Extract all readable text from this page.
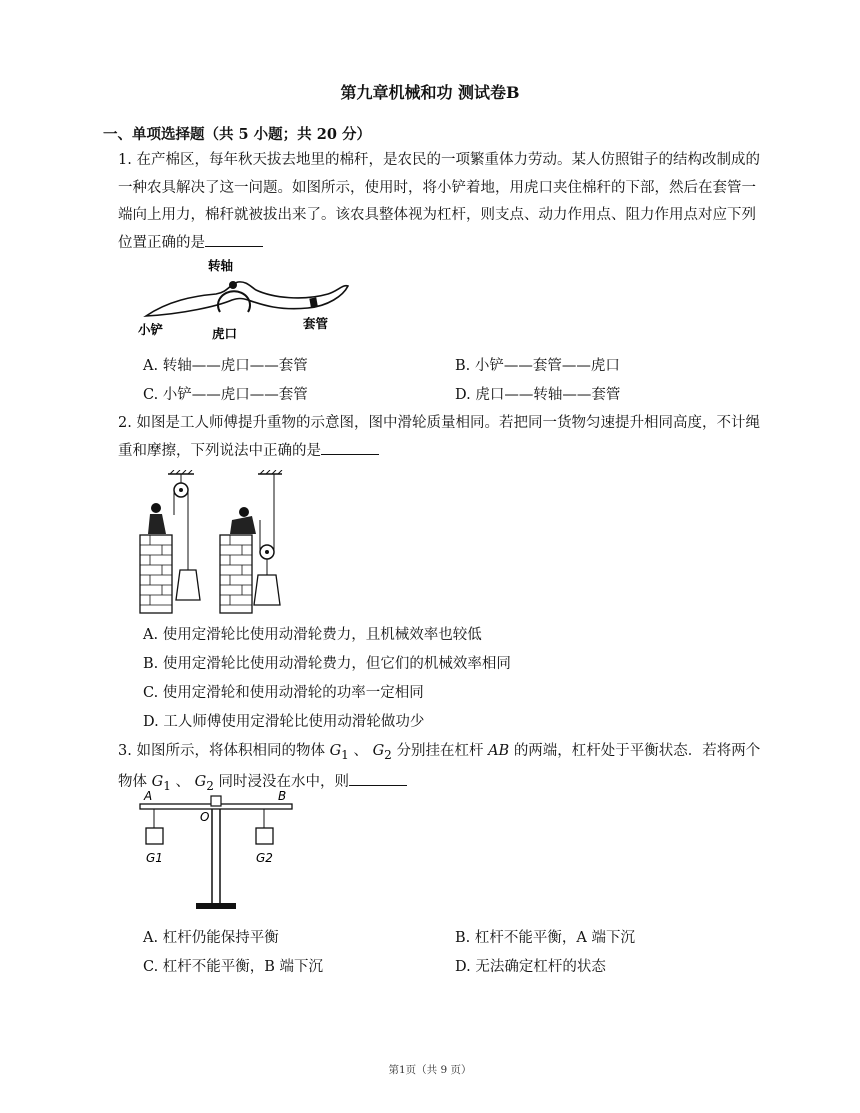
第九章机械和功 测试卷B
一、单项选择题（共 5 小题；共 20 分）
1. 在产棉区，每年秋天拔去地里的棉秆，是农民的一项繁重体力劳动。某人仿照钳子的结构改制成的一种农具解决了这一问题。如图所示，使用时，将小铲着地，用虎口夹住棉秆的下部，然后在套管一端向上用力，棉秆就被拔出来了。该农具整体视为杠杆，则支点、动力作用点、阻力作用点对应下列位置正确的是
转轴
小铲	虎口
套管
A. 转轴——虎口——套管	B. 小铲——套管——虎口
C. 小铲——虎口——套管	D. 虎口——转轴——套管
2. 如图是工人师傅提升重物的示意图，图中滑轮质量相同。若把同一货物匀速提升相同高度，不计绳重和摩擦，下列说法中正确的是
A. 使用定滑轮比使用动滑轮费力，且机械效率也较低
B. 使用定滑轮比使用动滑轮费力，但它们的机械效率相同
C. 使用定滑轮和使用动滑轮的功率一定相同
D. 工人师傅使用定滑轮比使用动滑轮做功少
3. 如图所示，将体积相同的物体 $G_1$ 、 $G_2$ 分别挂在杠杆 AB 的两端，杠杆处于平衡状态．若将两个物体 $G_1$ 、 $G_2$ 同时浸没在水中，则
A	B
O
G1	G2
A. 杠杆仍能保持平衡	B. 杠杆不能平衡，A 端下沉
C. 杠杆不能平衡，B 端下沉	D. 无法确定杠杆的状态
第1页（共 9 页）
